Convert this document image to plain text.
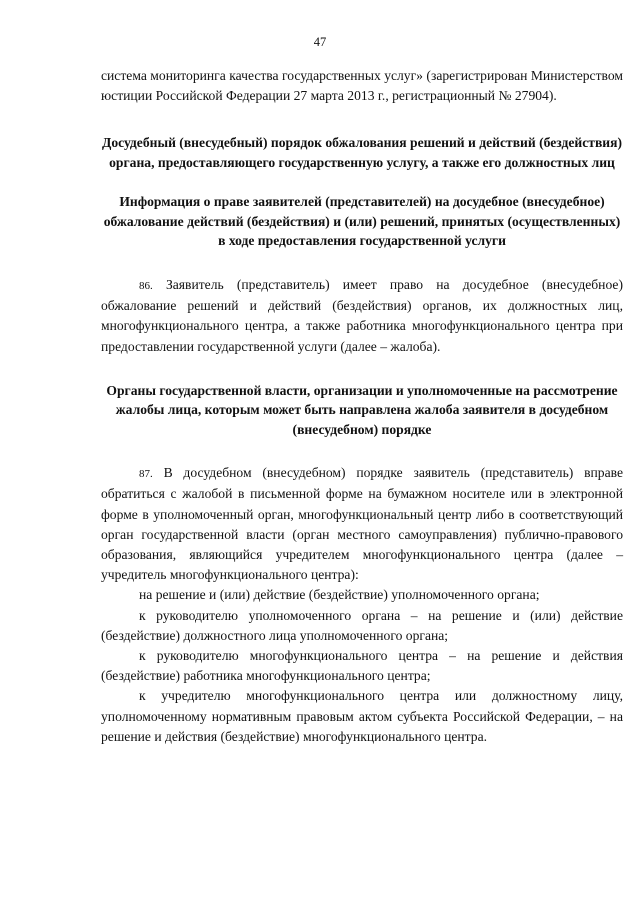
47

система мониторинга качества государственных услуг» (зарегистрирован Министерством юстиции Российской Федерации 27 марта 2013 г., регистрационный № 27904).

Досудебный (внесудебный) порядок обжалования решений и действий (бездействия) органа, предоставляющего государственную услугу, а также его должностных лиц
Информация о праве заявителей (представителей) на досудебное (внесудебное) обжалование действий (бездействия) и (или) решений, принятых (осуществленных) в ходе предоставления государственной услуги

86. Заявитель (представитель) имеет право на досудебное (внесудебное) обжалование решений и действий (бездействия) органов, их должностных лиц, многофункционального центра, а также работника многофункционального центра при предоставлении государственной услуги (далее – жалоба).

Органы государственной власти, организации и уполномоченные на рассмотрение жалобы лица, которым может быть направлена жалоба заявителя в досудебном (внесудебном) порядке

87. В досудебном (внесудебном) порядке заявитель (представитель) вправе обратиться с жалобой в письменной форме на бумажном носителе или в электронной форме в уполномоченный орган, многофункциональный центр либо в соответствующий орган государственной власти (орган местного самоуправления) публично-правового образования, являющийся учредителем многофункционального центра (далее – учредитель многофункционального центра):

на решение и (или) действие (бездействие) уполномоченного органа;

к руководителю уполномоченного органа – на решение и (или) действие (бездействие) должностного лица уполномоченного органа;

к руководителю многофункционального центра – на решение и действия (бездействие) работника многофункционального центра;

к учредителю многофункционального центра или должностному лицу, уполномоченному нормативным правовым актом субъекта Российской Федерации, – на решение и действия (бездействие) многофункционального центра.
